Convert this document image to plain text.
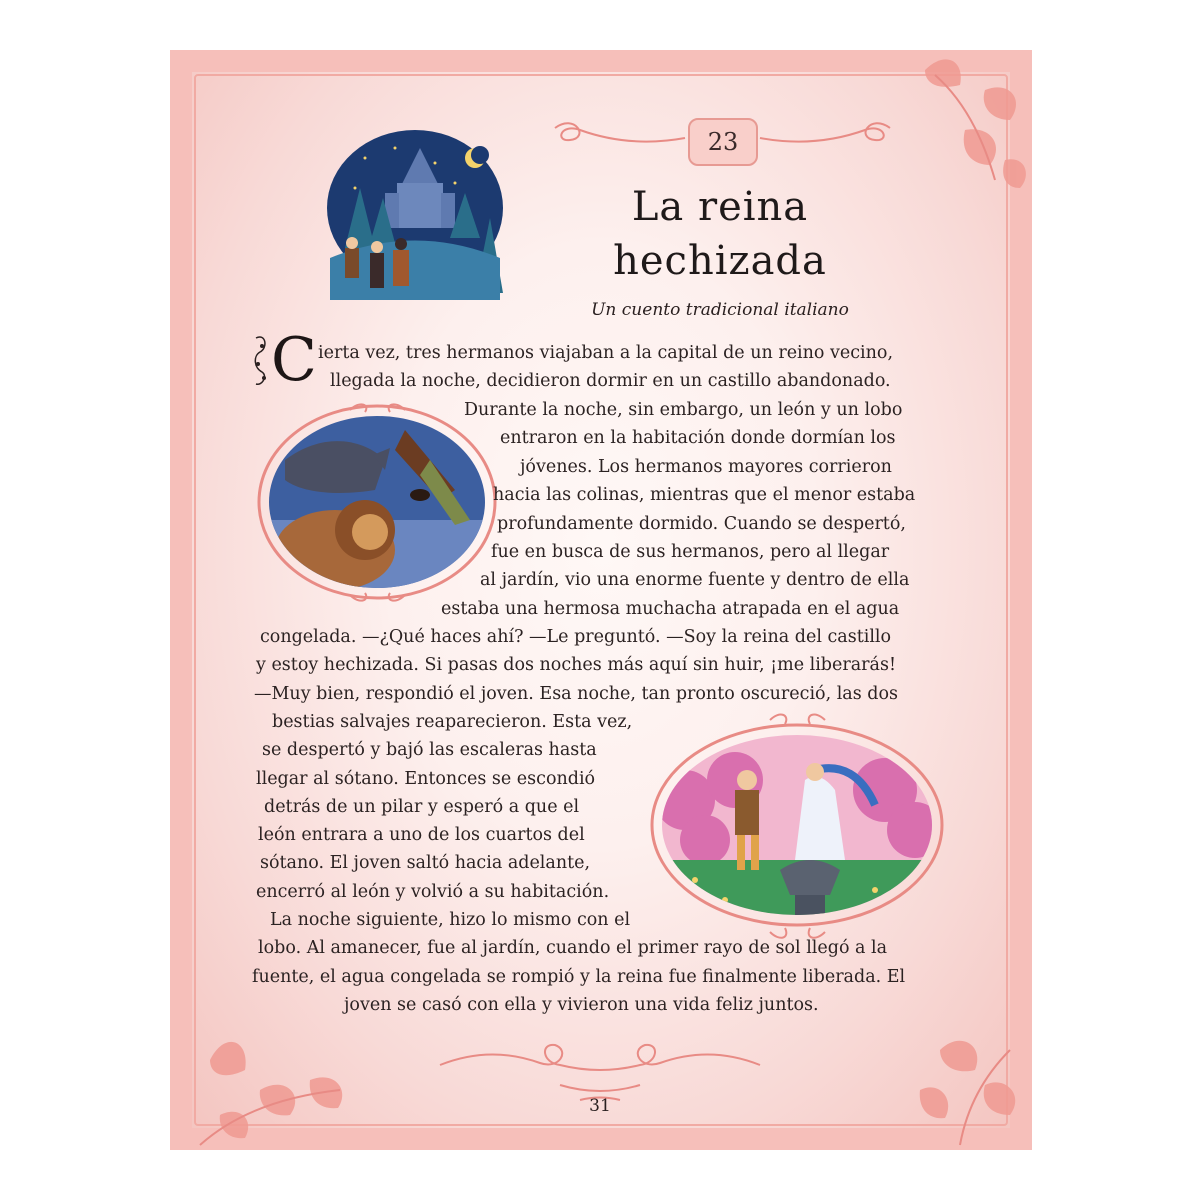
23
La reina
hechizada
Un cuento tradicional italiano
C ierta vez, tres hermanos viajaban a la capital de un reino vecino,
llegada la noche, decidieron dormir en un castillo abandonado.
Durante la noche, sin embargo, un león y un lobo
entraron en la habitación donde dormían los
jóvenes. Los hermanos mayores corrieron
hacia las colinas, mientras que el menor estaba
profundamente dormido. Cuando se despertó,
fue en busca de sus hermanos, pero al llegar
al jardín, vio una enorme fuente y dentro de ella
estaba una hermosa muchacha atrapada en el agua
congelada. —¿Qué haces ahí? —Le preguntó. —Soy la reina del castillo
y estoy hechizada. Si pasas dos noches más aquí sin huir, ¡me liberarás!
—Muy bien, respondió el joven. Esa noche, tan pronto oscureció, las dos
bestias salvajes reaparecieron. Esta vez,
se despertó y bajó las escaleras hasta
llegar al sótano. Entonces se escondió
detrás de un pilar y esperó a que el
león entrara a uno de los cuartos del
sótano. El joven saltó hacia adelante,
encerró al león y volvió a su habitación.
La noche siguiente, hizo lo mismo con el
lobo. Al amanecer, fue al jardín, cuando el primer rayo de sol llegó a la
fuente, el agua congelada se rompió y la reina fue finalmente liberada. El
joven se casó con ella y vivieron una vida feliz juntos.
31
